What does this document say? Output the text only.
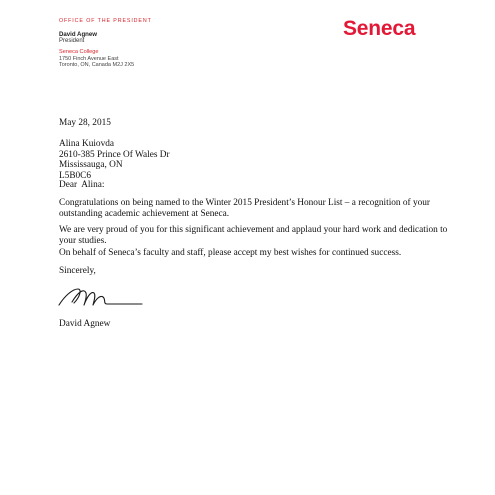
OFFICE OF THE PRESIDENT
David Agnew
President
Seneca College
1750 Finch Avenue East
Toronto, ON, Canada M2J 2X5
Seneca
May 28, 2015
Alina Kuiovda
2610-385 Prince Of Wales Dr
Mississauga, ON
L5B0C6
Dear  Alina:
Congratulations on being named to the Winter 2015 President’s Honour List – a recognition of your outstanding academic achievement at Seneca.
We are very proud of you for this significant achievement and applaud your hard work and dedication to your studies.
On behalf of Seneca’s faculty and staff, please accept my best wishes for continued success.
Sincerely,
David Agnew
